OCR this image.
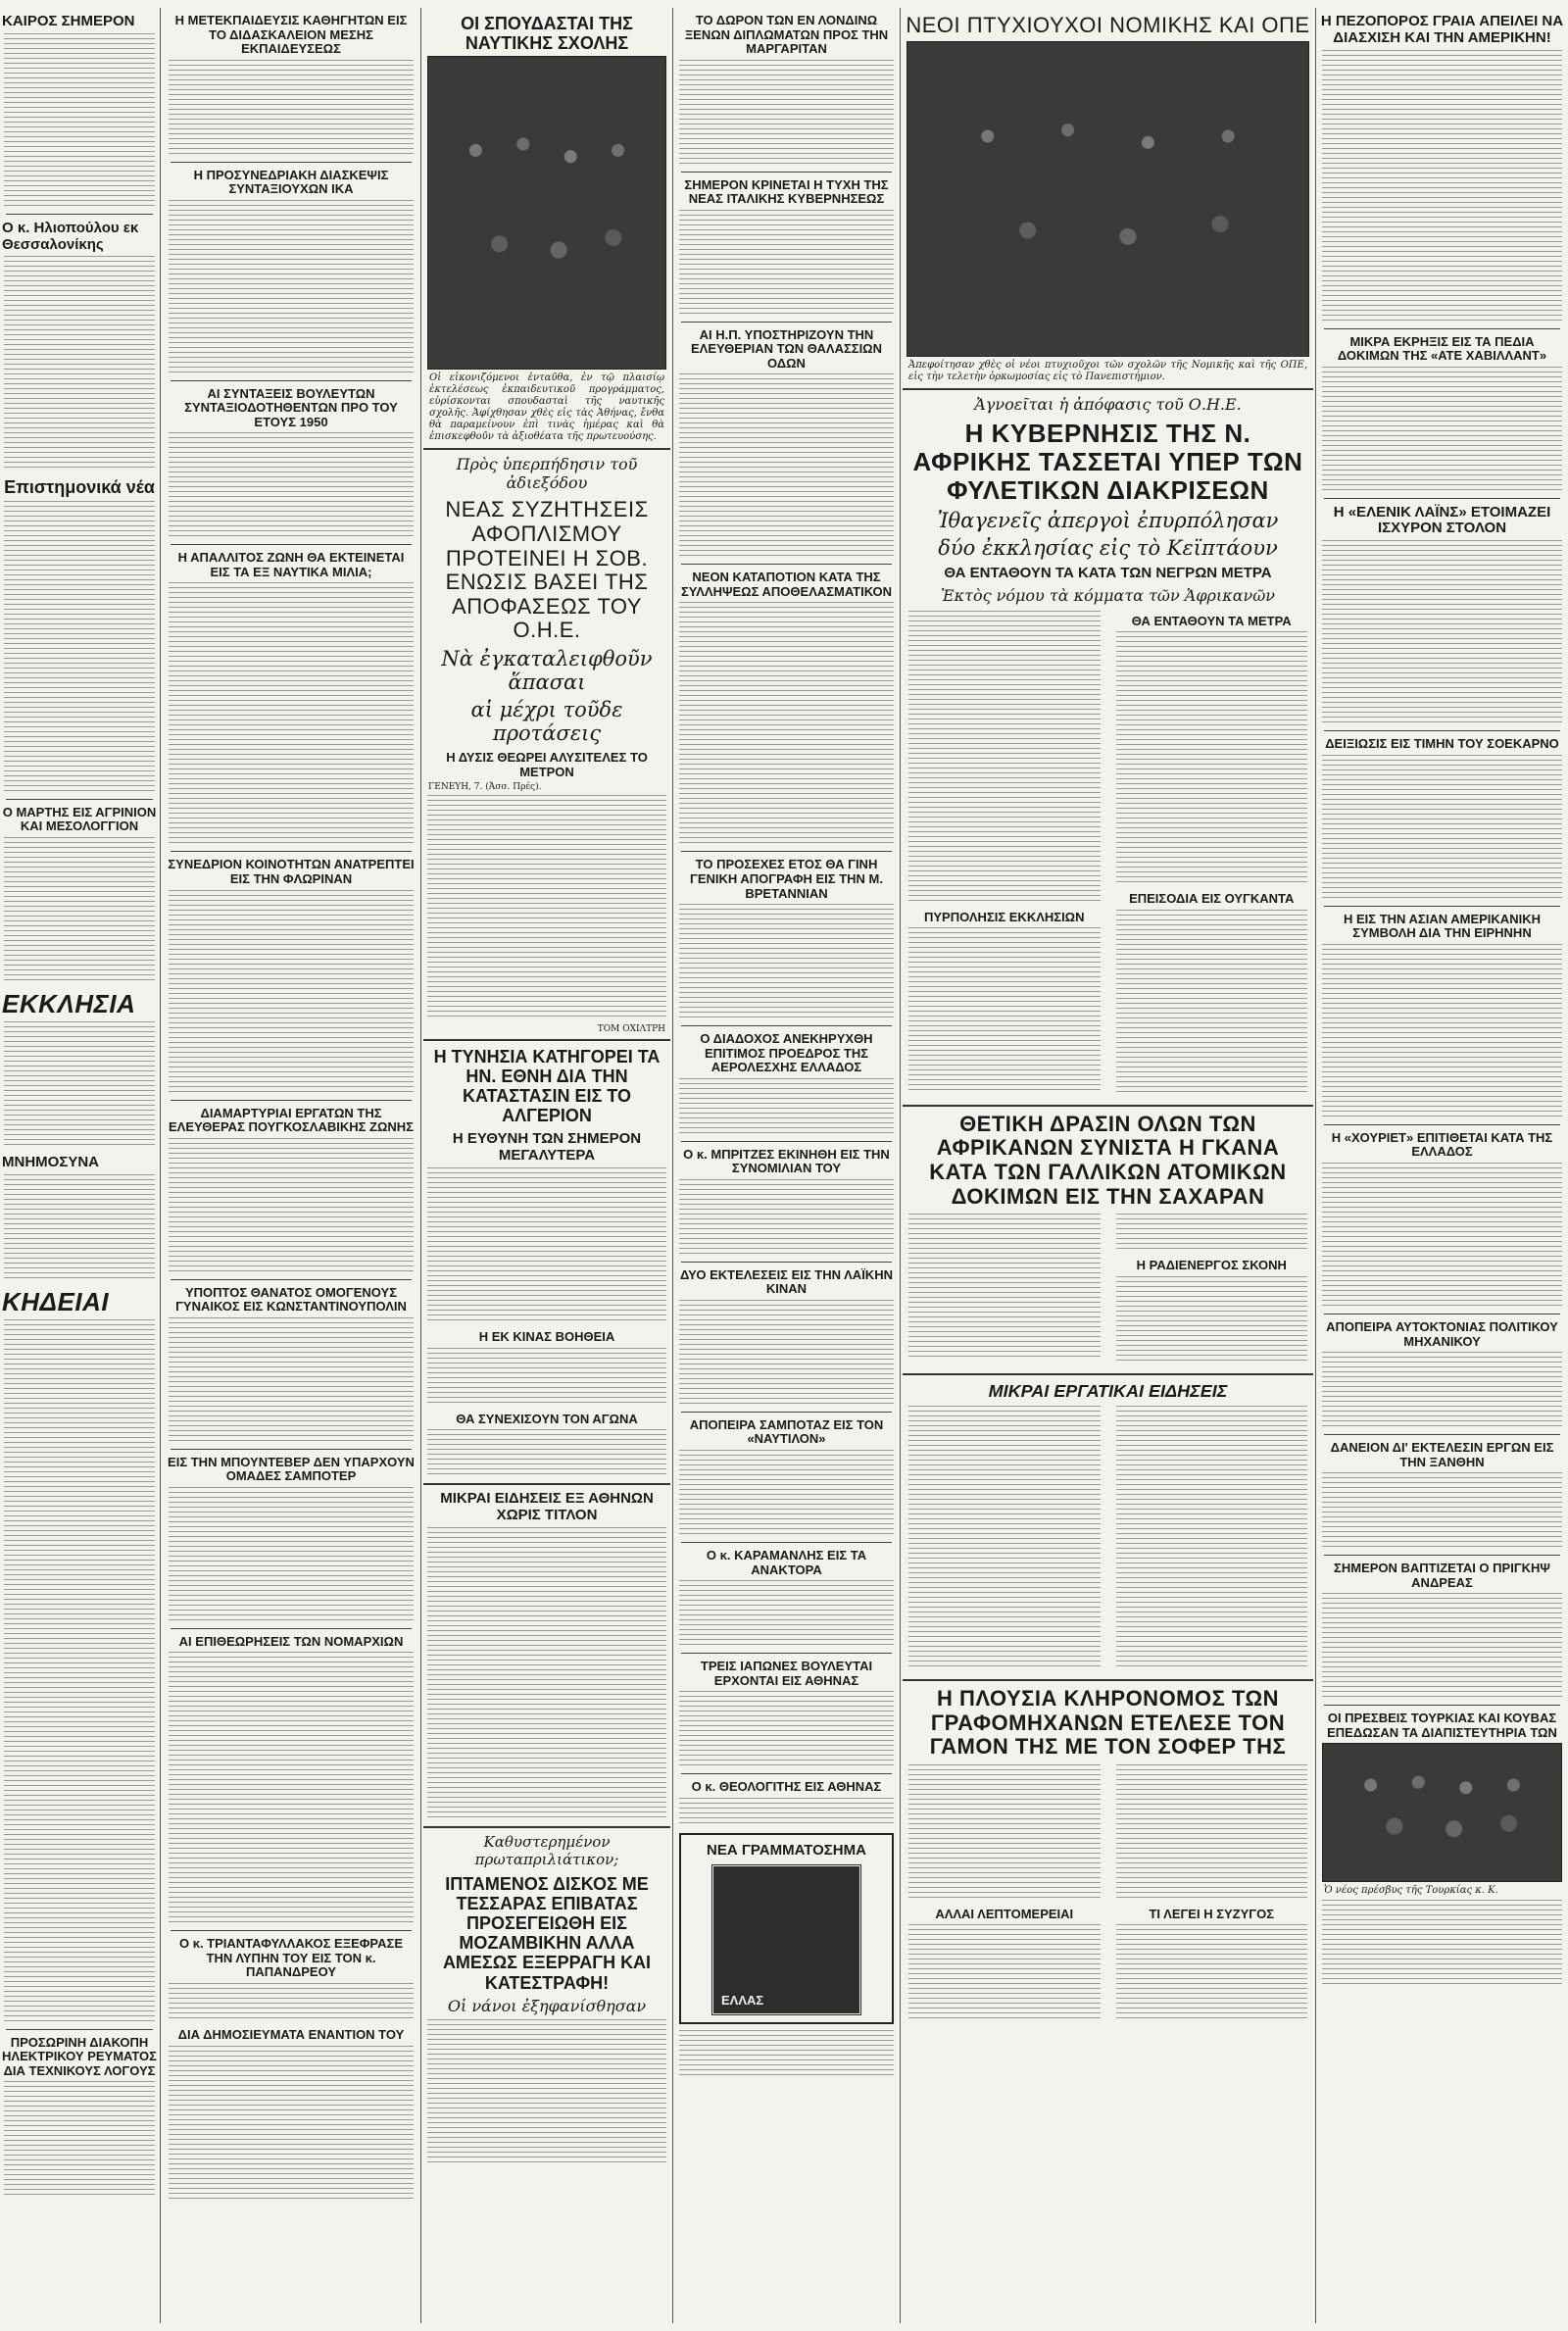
ΚΑΙΡΟΣ ΣΗΜΕΡΟΝ
Ο κ. Ηλιοπούλου εκ Θεσσαλονίκης
Επιστημονικά νέα
Ο ΜΑΡΤΗΣ ΕΙΣ ΑΓΡΙΝΙΟΝ ΚΑΙ ΜΕΣΟΛΟΓΓΙΟΝ
ΕΚΚΛΗΣΙΑ
ΜΝΗΜΟΣΥΝΑ
ΚΗΔΕΙΑΙ
ΠΡΟΣΩΡΙΝΗ ΔΙΑΚΟΠΗ ΗΛΕΚΤΡΙΚΟΥ ΡΕΥΜΑΤΟΣ ΔΙΑ ΤΕΧΝΙΚΟΥΣ ΛΟΓΟΥΣ
Η ΜΕΤΕΚΠΑΙΔΕΥΣΙΣ ΚΑΘΗΓΗΤΩΝ ΕΙΣ ΤΟ ΔΙΔΑΣΚΑΛΕΙΟΝ ΜΕΣΗΣ ΕΚΠΑΙΔΕΥΣΕΩΣ
Η ΠΡΟΣΥΝΕΔΡΙΑΚΗ ΔΙΑΣΚΕΨΙΣ ΣΥΝΤΑΞΙΟΥΧΩΝ ΙΚΑ
ΑΙ ΣΥΝΤΑΞΕΙΣ ΒΟΥΛΕΥΤΩΝ ΣΥΝΤΑΞΙΟΔΟΤΗΘΕΝΤΩΝ ΠΡΟ ΤΟΥ ΕΤΟΥΣ 1950
Η ΑΠΑΛΛΙΤΟΣ ΖΩΝΗ ΘΑ ΕΚΤΕΙΝΕΤΑΙ ΕΙΣ ΤΑ ΕΞ ΝΑΥΤΙΚΑ ΜΙΛΙΑ;
ΣΥΝΕΔΡΙΟΝ ΚΟΙΝΟΤΗΤΩΝ ΑΝΑΤΡΕΠΤΕΙ ΕΙΣ ΤΗΝ ΦΛΩΡΙΝΑΝ
ΔΙΑΜΑΡΤΥΡΙΑΙ ΕΡΓΑΤΩΝ ΤΗΣ ΕΛΕΥΘΕΡΑΣ ΠΟΥΓΚΟΣΛΑΒΙΚΗΣ ΖΩΝΗΣ
ΥΠΟΠΤΟΣ ΘΑΝΑΤΟΣ ΟΜΟΓΕΝΟΥΣ ΓΥΝΑΙΚΟΣ ΕΙΣ ΚΩΝΣΤΑΝΤΙΝΟΥΠΟΛΙΝ
ΕΙΣ ΤΗΝ ΜΠΟΥΝΤΕΒΕΡ ΔΕΝ ΥΠΑΡΧΟΥΝ ΟΜΑΔΕΣ ΣΑΜΠΟΤΕΡ
ΑΙ ΕΠΙΘΕΩΡΗΣΕΙΣ ΤΩΝ ΝΟΜΑΡΧΙΩΝ
Ο κ. ΤΡΙΑΝΤΑΦΥΛΛΑΚΟΣ ΕΞΕΦΡΑΣΕ ΤΗΝ ΛΥΠΗΝ ΤΟΥ ΕΙΣ ΤΟΝ κ. ΠΑΠΑΝΔΡΕΟΥ
ΔΙΑ ΔΗΜΟΣΙΕΥΜΑΤΑ ΕΝΑΝΤΙΟΝ ΤΟΥ
ΟΙ ΣΠΟΥΔΑΣΤΑΙ ΤΗΣ ΝΑΥΤΙΚΗΣ ΣΧΟΛΗΣ
Οἱ εἰκονιζόμενοι ἐνταῦθα, ἐν τῷ πλαισίῳ ἐκτελέσεως ἐκπαιδευτικοῦ προγράμματος, εὑρίσκονται σπουδασταὶ τῆς ναυτικῆς σχολῆς. Ἀφίχθησαν χθὲς εἰς τὰς Ἀθήνας, ἔνθα θὰ παραμείνουν ἐπὶ τινὰς ἡμέρας καὶ θὰ ἐπισκεφθοῦν τὰ ἀξιοθέατα τῆς πρωτευούσης.
Πρὸς ὑπερπήδησιν τοῦ ἀδιεξόδου
ΝΕΑΣ ΣΥΖΗΤΗΣΕΙΣ ΑΦΟΠΛΙΣΜΟΥ ΠΡΟΤΕΙΝΕΙ Η ΣΟΒ. ΕΝΩΣΙΣ ΒΑΣΕΙ ΤΗΣ ΑΠΟΦΑΣΕΩΣ ΤΟΥ Ο.Η.Ε.
Νὰ ἐγκαταλειφθοῦν ἅπασαι
αἱ μέχρι τοῦδε προτάσεις
Η ΔΥΣΙΣ ΘΕΩΡΕΙ ΑΛΥΣΙΤΕΛΕΣ ΤΟ ΜΕΤΡΟΝ
ΓΕΝΕΥΗ, 7. (Ἀσσ. Πρές).
ΤΟΜ ΟΧΙΛΤΡΗ
Η ΤΥΝΗΣΙΑ ΚΑΤΗΓΟΡΕΙ ΤΑ ΗΝ. ΕΘΝΗ ΔΙΑ ΤΗΝ ΚΑΤΑΣΤΑΣΙΝ ΕΙΣ ΤΟ ΑΛΓΕΡΙΟΝ
Η ΕΥΘΥΝΗ ΤΩΝ ΣΗΜΕΡΟΝ ΜΕΓΑΛΥΤΕΡΑ
Η ΕΚ ΚΙΝΑΣ ΒΟΗΘΕΙΑ
ΘΑ ΣΥΝΕΧΙΣΟΥΝ ΤΟΝ ΑΓΩΝΑ
ΜΙΚΡΑΙ ΕΙΔΗΣΕΙΣ ΕΞ ΑΘΗΝΩΝ ΧΩΡΙΣ ΤΙΤΛΟΝ
Καθυστερημένον πρωταπριλιάτικον;
ΙΠΤΑΜΕΝΟΣ ΔΙΣΚΟΣ ΜΕ ΤΕΣΣΑΡΑΣ ΕΠΙΒΑΤΑΣ ΠΡΟΣΕΓΕΙΩΘΗ ΕΙΣ ΜΟΖΑΜΒΙΚΗΝ ΑΛΛΑ ΑΜΕΣΩΣ ΕΞΕΡΡΑΓΗ ΚΑΙ ΚΑΤΕΣΤΡΑΦΗ!
Οἱ νάνοι ἐξηφανίσθησαν
ΤΟ ΔΩΡΟΝ ΤΩΝ ΕΝ ΛΟΝΔΙΝΩ ΞΕΝΩΝ ΔΙΠΛΩΜΑΤΩΝ ΠΡΟΣ ΤΗΝ ΜΑΡΓΑΡΙΤΑΝ
ΣΗΜΕΡΟΝ ΚΡΙΝΕΤΑΙ Η ΤΥΧΗ ΤΗΣ ΝΕΑΣ ΙΤΑΛΙΚΗΣ ΚΥΒΕΡΝΗΣΕΩΣ
ΑΙ Η.Π. ΥΠΟΣΤΗΡΙΖΟΥΝ ΤΗΝ ΕΛΕΥΘΕΡΙΑΝ ΤΩΝ ΘΑΛΑΣΣΙΩΝ ΟΔΩΝ
ΝΕΟΝ ΚΑΤΑΠΟΤΙΟΝ ΚΑΤΑ ΤΗΣ ΣΥΛΛΗΨΕΩΣ ΑΠΟΘΕΛΑΣΜΑΤΙΚΟΝ
ΤΟ ΠΡΟΣΕΧΕΣ ΕΤΟΣ ΘΑ ΓΙΝΗ ΓΕΝΙΚΗ ΑΠΟΓΡΑΦΗ ΕΙΣ ΤΗΝ Μ. ΒΡΕΤΑΝΝΙΑΝ
Ο ΔΙΑΔΟΧΟΣ ΑΝΕΚΗΡΥΧΘΗ ΕΠΙΤΙΜΟΣ ΠΡΟΕΔΡΟΣ ΤΗΣ ΑΕΡΟΛΕΣΧΗΣ ΕΛΛΑΔΟΣ
Ο κ. ΜΠΡΙΤΖΕΣ ΕΚΙΝΗΘΗ ΕΙΣ ΤΗΝ ΣΥΝΟΜΙΛΙΑΝ ΤΟΥ
ΔΥΟ ΕΚΤΕΛΕΣΕΙΣ ΕΙΣ ΤΗΝ ΛΑΪΚΗΝ ΚΙΝΑΝ
ΑΠΟΠΕΙΡΑ ΣΑΜΠΟΤΑΖ ΕΙΣ ΤΟΝ «ΝΑΥΤΙΛΟΝ»
Ο κ. ΚΑΡΑΜΑΝΛΗΣ ΕΙΣ ΤΑ ΑΝΑΚΤΟΡΑ
ΤΡΕΙΣ ΙΑΠΩΝΕΣ ΒΟΥΛΕΥΤΑΙ ΕΡΧΟΝΤΑΙ ΕΙΣ ΑΘΗΝΑΣ
Ο κ. ΘΕΟΛΟΓΙΤΗΣ ΕΙΣ ΑΘΗΝΑΣ
ΝΕΑ ΓΡΑΜΜΑΤΟΣΗΜΑ
ΕΛΛΑΣ
ΝΕΟΙ ΠΤΥΧΙΟΥΧΟΙ ΝΟΜΙΚΗΣ ΚΑΙ ΟΠΕ
Ἀπεφοίτησαν χθὲς οἱ νέοι πτυχιοῦχοι τῶν σχολῶν τῆς Νομικῆς καὶ τῆς ΟΠΕ, εἰς τὴν τελετὴν ὁρκωμοσίας εἰς τὸ Πανεπιστήμιον.
Ἀγνοεῖται ἡ ἀπόφασις τοῦ Ο.Η.Ε.
Η ΚΥΒΕΡΝΗΣΙΣ ΤΗΣ Ν. ΑΦΡΙΚΗΣ ΤΑΣΣΕΤΑΙ ΥΠΕΡ ΤΩΝ ΦΥΛΕΤΙΚΩΝ ΔΙΑΚΡΙΣΕΩΝ
Ἰθαγενεῖς ἀπεργοὶ ἐπυρπόλησαν
δύο ἐκκλησίας εἰς τὸ Κεϊπτάουν
ΘΑ ΕΝΤΑΘΟΥΝ ΤΑ ΚΑΤΑ ΤΩΝ ΝΕΓΡΩΝ ΜΕΤΡΑ
Ἐκτὸς νόμου τὰ κόμματα τῶν Ἀφρικανῶν
ΠΥΡΠΟΛΗΣΙΣ ΕΚΚΛΗΣΙΩΝ
ΘΑ ΕΝΤΑΘΟΥΝ ΤΑ ΜΕΤΡΑ
ΕΠΕΙΣΟΔΙΑ ΕΙΣ ΟΥΓΚΑΝΤΑ
ΘΕΤΙΚΗ ΔΡΑΣΙΝ ΟΛΩΝ ΤΩΝ ΑΦΡΙΚΑΝΩΝ ΣΥΝΙΣΤΑ Η ΓΚΑΝΑ ΚΑΤΑ ΤΩΝ ΓΑΛΛΙΚΩΝ ΑΤΟΜΙΚΩΝ ΔΟΚΙΜΩΝ ΕΙΣ ΤΗΝ ΣΑΧΑΡΑΝ
Η ΡΑΔΙΕΝΕΡΓΟΣ ΣΚΟΝΗ
ΜΙΚΡΑΙ ΕΡΓΑΤΙΚΑΙ ΕΙΔΗΣΕΙΣ
Η ΠΛΟΥΣΙΑ ΚΛΗΡΟΝΟΜΟΣ ΤΩΝ ΓΡΑΦΟΜΗΧΑΝΩΝ ΕΤΕΛΕΣΕ ΤΟΝ ΓΑΜΟΝ ΤΗΣ ΜΕ ΤΟΝ ΣΟΦΕΡ ΤΗΣ
ΑΛΛΑΙ ΛΕΠΤΟΜΕΡΕΙΑΙ	ΤΙ ΛΕΓΕΙ Η ΣΥΖΥΓΟΣ
Η ΠΕΖΟΠΟΡΟΣ ΓΡΑΙΑ ΑΠΕΙΛΕΙ ΝΑ ΔΙΑΣΧΙΣΗ ΚΑΙ ΤΗΝ ΑΜΕΡΙΚΗΝ!
ΜΙΚΡΑ ΕΚΡΗΞΙΣ ΕΙΣ ΤΑ ΠΕΔΙΑ ΔΟΚΙΜΩΝ ΤΗΣ «ΑΤΕ ΧΑΒΙΛΛΑΝΤ»
Η «ΕΛΕΝΙΚ ΛΑΪΝΣ» ΕΤΟΙΜΑΖΕΙ ΙΣΧΥΡΟΝ ΣΤΟΛΟΝ
ΔΕΙΞΙΩΣΙΣ ΕΙΣ ΤΙΜΗΝ ΤΟΥ ΣΟΕΚΑΡΝΟ
Η ΕΙΣ ΤΗΝ ΑΣΙΑΝ ΑΜΕΡΙΚΑΝΙΚΗ ΣΥΜΒΟΛΗ ΔΙΑ ΤΗΝ ΕΙΡΗΝΗΝ
Η «ΧΟΥΡΙΕΤ» ΕΠΙΤΙΘΕΤΑΙ ΚΑΤΑ ΤΗΣ ΕΛΛΑΔΟΣ
ΑΠΟΠΕΙΡΑ ΑΥΤΟΚΤΟΝΙΑΣ ΠΟΛΙΤΙΚΟΥ ΜΗΧΑΝΙΚΟΥ
ΔΑΝΕΙΟΝ ΔΙ' ΕΚΤΕΛΕΣΙΝ ΕΡΓΩΝ ΕΙΣ ΤΗΝ ΞΑΝΘΗΝ
ΣΗΜΕΡΟΝ ΒΑΠΤΙΖΕΤΑΙ Ο ΠΡΙΓΚΗΨ ΑΝΔΡΕΑΣ
ΟΙ ΠΡΕΣΒΕΙΣ ΤΟΥΡΚΙΑΣ ΚΑΙ ΚΟΥΒΑΣ ΕΠΕΔΩΣΑΝ ΤΑ ΔΙΑΠΙΣΤΕΥΤΗΡΙΑ ΤΩΝ
Ὁ νέος πρέσβυς τῆς Τουρκίας κ. Κ.
